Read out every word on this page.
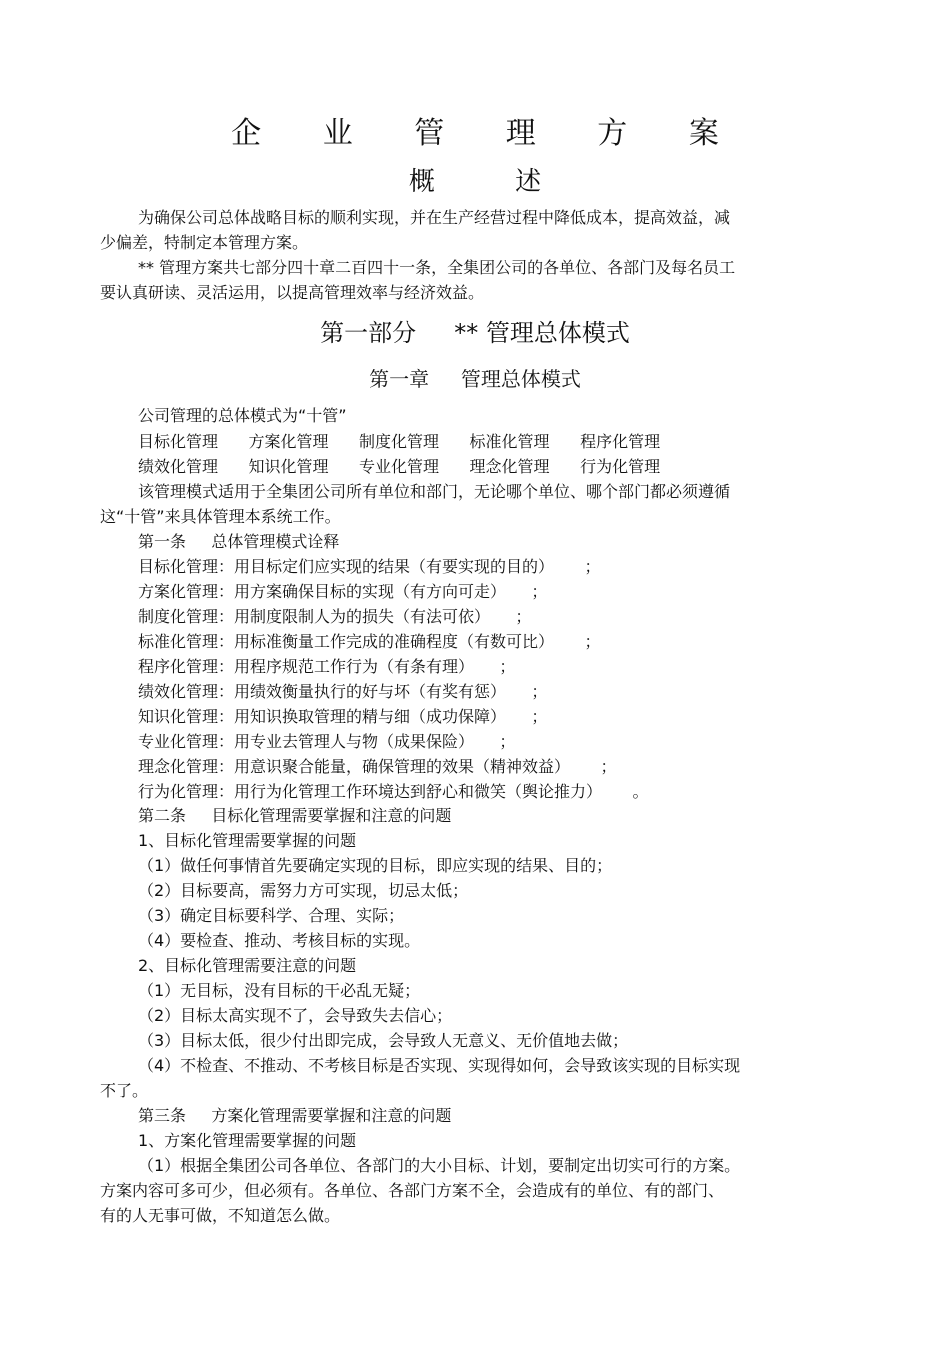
企 业 管 理 方 案
概 述
为确保公司总体战略目标的顺利实现，并在生产经营过程中降低成本，提高效益，减
少偏差，特制定本管理方案。
** 管理方案共七部分四十章二百四十一条，全集团公司的各单位、各部门及每名员工
要认真研读、灵活运用，以提高管理效率与经济效益。
第一部分     ** 管理总体模式
第一章     管理总体模式
公司管理的总体模式为“十管”
目标化管理      方案化管理      制度化管理      标准化管理      程序化管理
绩效化管理      知识化管理      专业化管理      理念化管理      行为化管理
该管理模式适用于全集团公司所有单位和部门，无论哪个单位、哪个部门都必须遵循
这“十管”来具体管理本系统工作。
第一条     总体管理模式诠释
目标化管理：用目标定们应实现的结果（有要实现的目的）      ；
方案化管理：用方案确保目标的实现（有方向可走）     ；
制度化管理：用制度限制人为的损失（有法可依）     ；
标准化管理：用标准衡量工作完成的准确程度（有数可比）      ；
程序化管理：用程序规范工作行为（有条有理）     ；
绩效化管理：用绩效衡量执行的好与坏（有奖有惩）     ；
知识化管理：用知识换取管理的精与细（成功保障）     ；
专业化管理：用专业去管理人与物（成果保险）     ；
理念化管理：用意识聚合能量，确保管理的效果（精神效益）      ；
行为化管理：用行为化管理工作环境达到舒心和微笑（舆论推力）      。
第二条     目标化管理需要掌握和注意的问题
1、目标化管理需要掌握的问题
（1）做任何事情首先要确定实现的目标，即应实现的结果、目的；
（2）目标要高，需努力方可实现，切忌太低；
（3）确定目标要科学、合理、实际；
（4）要检查、推动、考核目标的实现。
2、目标化管理需要注意的问题
（1）无目标，没有目标的干必乱无疑；
（2）目标太高实现不了，会导致失去信心；
（3）目标太低，很少付出即完成，会导致人无意义、无价值地去做；
（4）不检查、不推动、不考核目标是否实现、实现得如何，会导致该实现的目标实现
不了。
第三条     方案化管理需要掌握和注意的问题
1、方案化管理需要掌握的问题
（1）根据全集团公司各单位、各部门的大小目标、计划，要制定出切实可行的方案。
方案内容可多可少，但必须有。各单位、各部门方案不全，会造成有的单位、有的部门、
有的人无事可做，不知道怎么做。
